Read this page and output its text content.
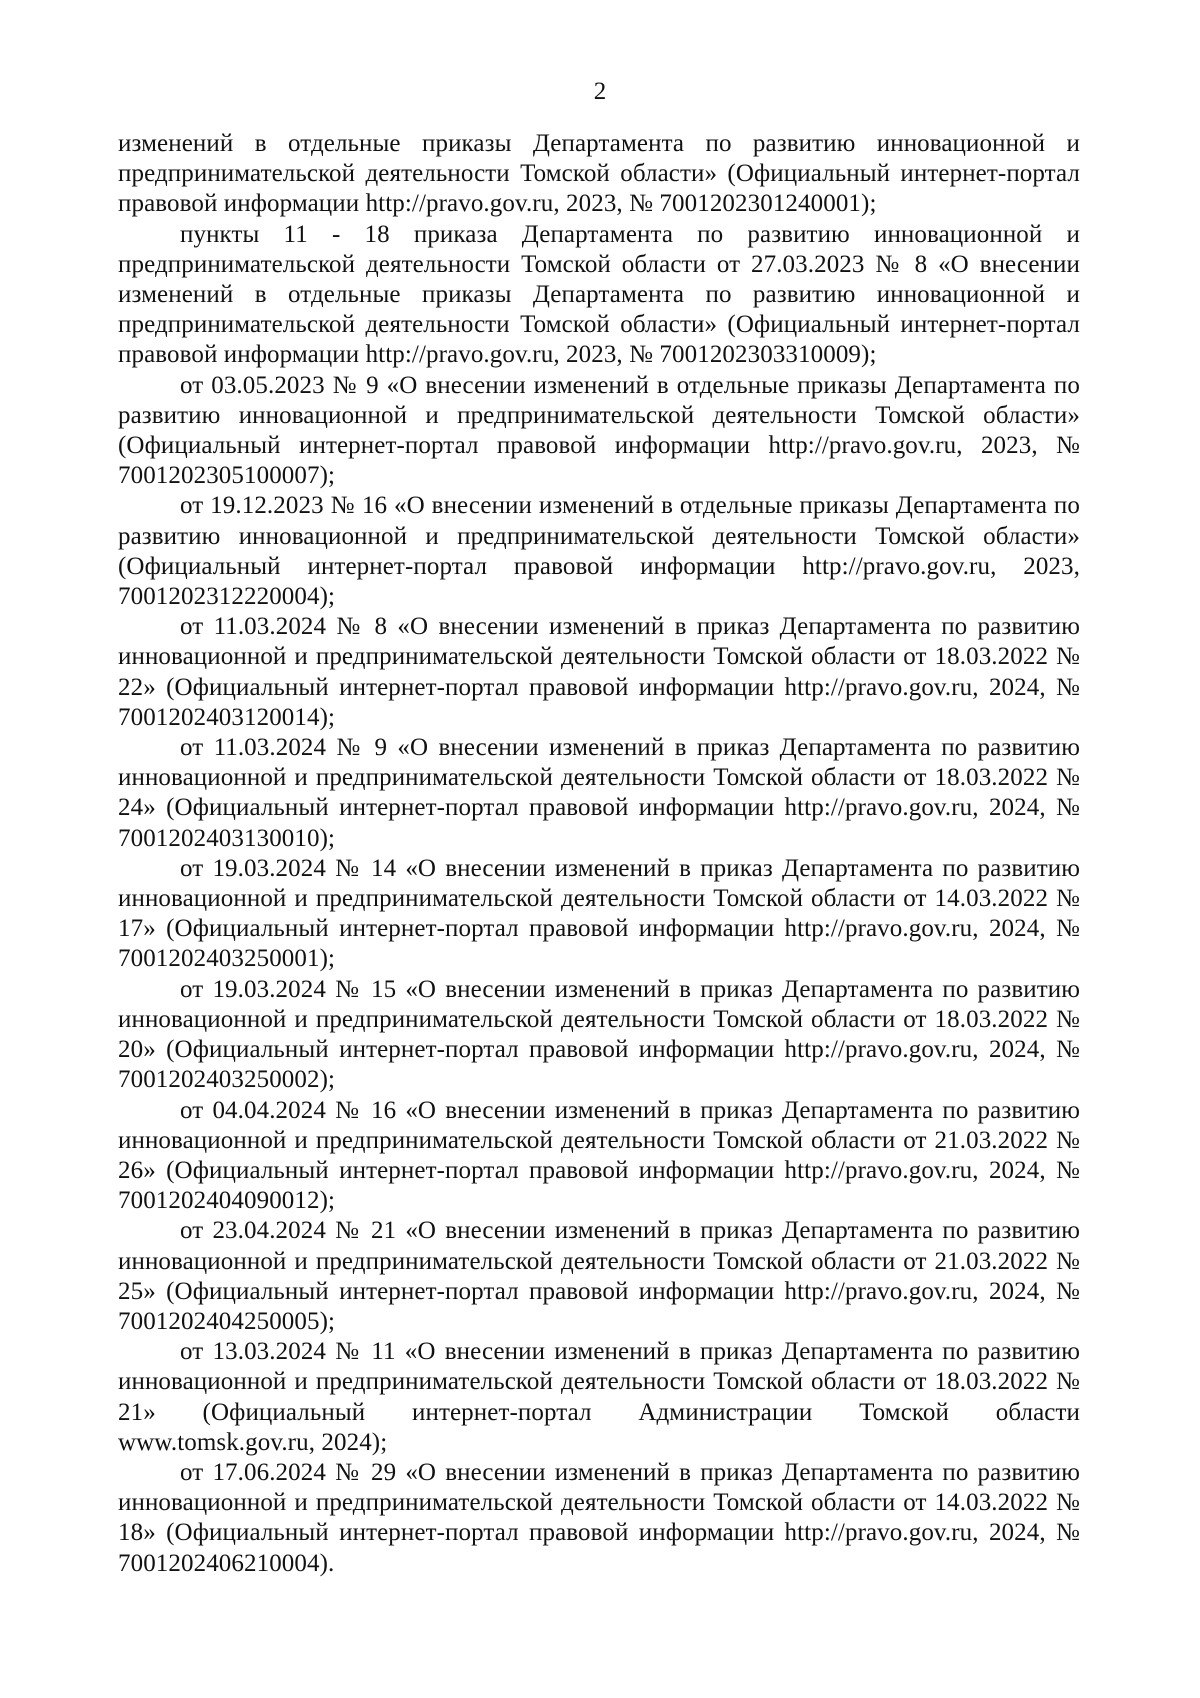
2

изменений в отдельные приказы Департамента по развитию инновационной и предпринимательской деятельности Томской области» (Официальный интернет-портал правовой информации http://pravo.gov.ru, 2023, № 7001202301240001);

пункты 11 - 18 приказа Департамента по развитию инновационной и предпринимательской деятельности Томской области от 27.03.2023 № 8 «О внесении изменений в отдельные приказы Департамента по развитию инновационной и предпринимательской деятельности Томской области» (Официальный интернет-портал правовой информации http://pravo.gov.ru, 2023, № 7001202303310009);

от 03.05.2023 № 9 «О внесении изменений в отдельные приказы Департамента по развитию инновационной и предпринимательской деятельности Томской области» (Официальный интернет-портал правовой информации http://pravo.gov.ru, 2023, № 7001202305100007);

от 19.12.2023 № 16 «О внесении изменений в отдельные приказы Департамента по развитию инновационной и предпринимательской деятельности Томской области» (Официальный интернет-портал правовой информации http://pravo.gov.ru, 2023, 7001202312220004);

от 11.03.2024 № 8 «О внесении изменений в приказ Департамента по развитию инновационной и предпринимательской деятельности Томской области от 18.03.2022 № 22» (Официальный интернет-портал правовой информации http://pravo.gov.ru, 2024, № 7001202403120014);

от 11.03.2024 № 9 «О внесении изменений в приказ Департамента по развитию инновационной и предпринимательской деятельности Томской области от 18.03.2022 № 24» (Официальный интернет-портал правовой информации http://pravo.gov.ru, 2024, № 7001202403130010);

от 19.03.2024 № 14 «О внесении изменений в приказ Департамента по развитию инновационной и предпринимательской деятельности Томской области от 14.03.2022 № 17» (Официальный интернет-портал правовой информации http://pravo.gov.ru, 2024, № 7001202403250001);

от 19.03.2024 № 15 «О внесении изменений в приказ Департамента по развитию инновационной и предпринимательской деятельности Томской области от 18.03.2022 № 20» (Официальный интернет-портал правовой информации http://pravo.gov.ru, 2024, № 7001202403250002);

от 04.04.2024 № 16 «О внесении изменений в приказ Департамента по развитию инновационной и предпринимательской деятельности Томской области от 21.03.2022 № 26» (Официальный интернет-портал правовой информации http://pravo.gov.ru, 2024, № 7001202404090012);

от 23.04.2024 № 21 «О внесении изменений в приказ Департамента по развитию инновационной и предпринимательской деятельности Томской области от 21.03.2022 № 25» (Официальный интернет-портал правовой информации http://pravo.gov.ru, 2024, № 7001202404250005);

от 13.03.2024 № 11 «О внесении изменений в приказ Департамента по развитию инновационной и предпринимательской деятельности Томской области от 18.03.2022 № 21» (Официальный интернет-портал Администрации Томской области www.tomsk.gov.ru, 2024);

от 17.06.2024 № 29 «О внесении изменений в приказ Департамента по развитию инновационной и предпринимательской деятельности Томской области от 14.03.2022 № 18» (Официальный интернет-портал правовой информации http://pravo.gov.ru, 2024, № 7001202406210004).
